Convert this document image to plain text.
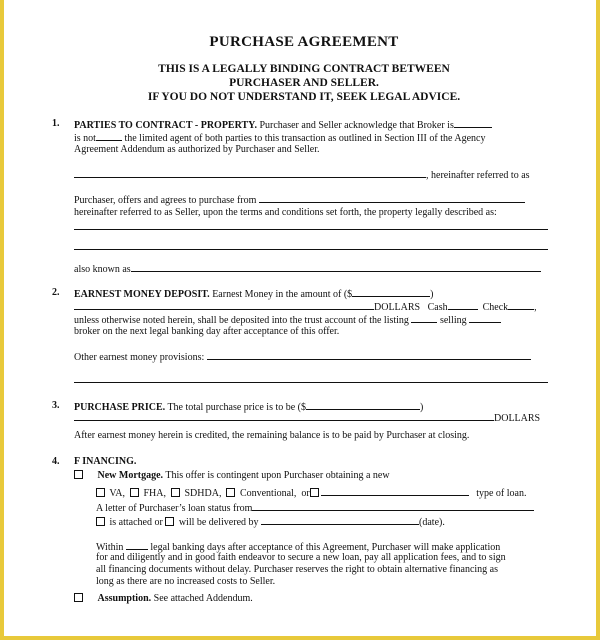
PURCHASE AGREEMENT
THIS IS A LEGALLY BINDING CONTRACT BETWEEN
PURCHASER AND SELLER.
IF YOU DO NOT UNDERSTAND IT, SEEK LEGAL ADVICE.
1. PARTIES TO CONTRACT - PROPERTY. Purchaser and Seller acknowledge that Broker is
is not	the limited agent of both parties to this transaction as outlined in Section III of the Agency
Agreement Addendum as authorized by Purchaser and Seller.
, hereinafter referred to as
Purchaser, offers and agrees to purchase from
hereinafter referred to as Seller, upon the terms and conditions set forth, the property legally described as:
also known as
2. EARNEST MONEY DEPOSIT. Earnest Money in the amount of ($	)
DOLLARS Cash	Check	,
unless otherwise noted herein, shall be deposited into the trust account of the listing	selling
broker on the next legal banking day after acceptance of this offer.
Other earnest money provisions:
3. PURCHASE PRICE. The total purchase price is to be ($	)
DOLLARS
After earnest money herein is credited, the remaining balance is to be paid by Purchaser at closing.
4. F INANCING.
New Mortgage. This offer is contingent upon Purchaser obtaining a new
VA, FHA, SDHDA, Conventional, or	type of loan.
A letter of Purchaser’s loan status from
is attached or will be delivered by	(date).
Within  legal banking days after acceptance of this Agreement, Purchaser will make application
for and diligently and in good faith endeavor to secure a new loan, pay all application fees, and to sign
all financing documents without delay. Purchaser reserves the right to obtain alternative financing as
long as there are no increased costs to Seller.
Assumption. See attached Addendum.
